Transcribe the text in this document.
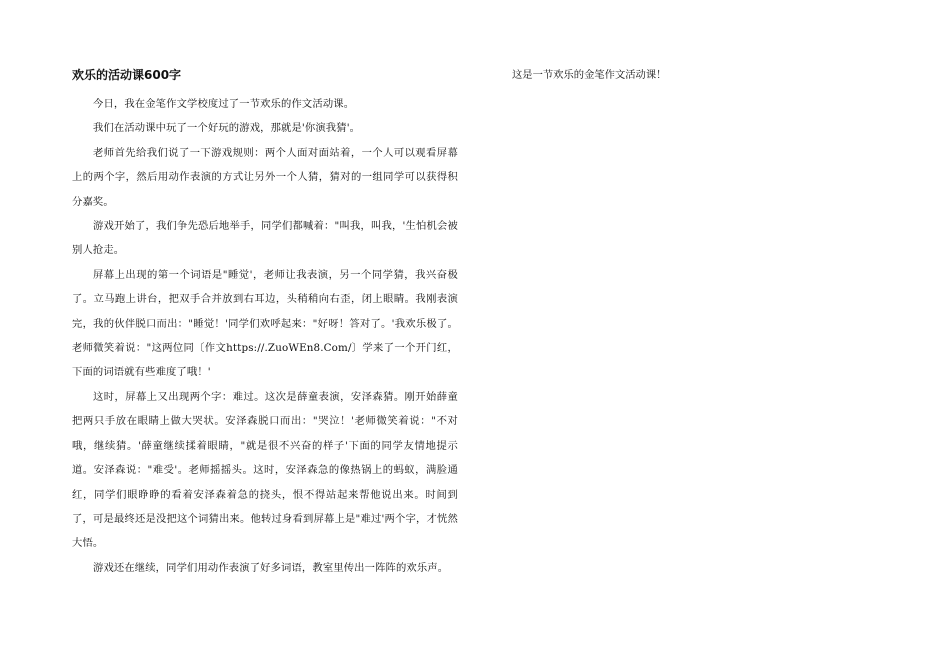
欢乐的活动课600字

今日，我在金笔作文学校度过了一节欢乐的作文活动课。

我们在活动课中玩了一个好玩的游戏，那就是'你演我猜'。

老师首先给我们说了一下游戏规则：两个人面对面站着，一个人可以观看屏幕上的两个字，然后用动作表演的方式让另外一个人猜，猜对的一组同学可以获得积分嘉奖。

游戏开始了，我们争先恐后地举手，同学们都喊着："叫我，叫我，'生怕机会被别人抢走。

屏幕上出现的第一个词语是"睡觉'，老师让我表演，另一个同学猜，我兴奋极了。立马跑上讲台，把双手合并放到右耳边，头稍稍向右歪，闭上眼睛。我刚表演完，我的伙伴脱口而出："睡觉！'同学们欢呼起来："好呀！答对了。'我欢乐极了。老师微笑着说："这两位同〔作文https://.ZuoWEn8.Com/〕学来了一个开门红，下面的词语就有些难度了哦！'

这时，屏幕上又出现两个字：难过。这次是薛童表演，安泽森猜。刚开始薛童把两只手放在眼睛上做大哭状。安泽森脱口而出："哭泣！'老师微笑着说："不对哦，继续猜。'薛童继续揉着眼睛，"就是很不兴奋的样子'下面的同学友情地提示道。安泽森说："难受'。老师摇摇头。这时，安泽森急的像热锅上的蚂蚁，满脸通红，同学们眼睁睁的看着安泽森着急的挠头，恨不得站起来帮他说出来。时间到了，可是最终还是没把这个词猜出来。他转过身看到屏幕上是"难过'两个字，才恍然大悟。

游戏还在继续，同学们用动作表演了好多词语，教室里传出一阵阵的欢乐声。

这是一节欢乐的金笔作文活动课！
